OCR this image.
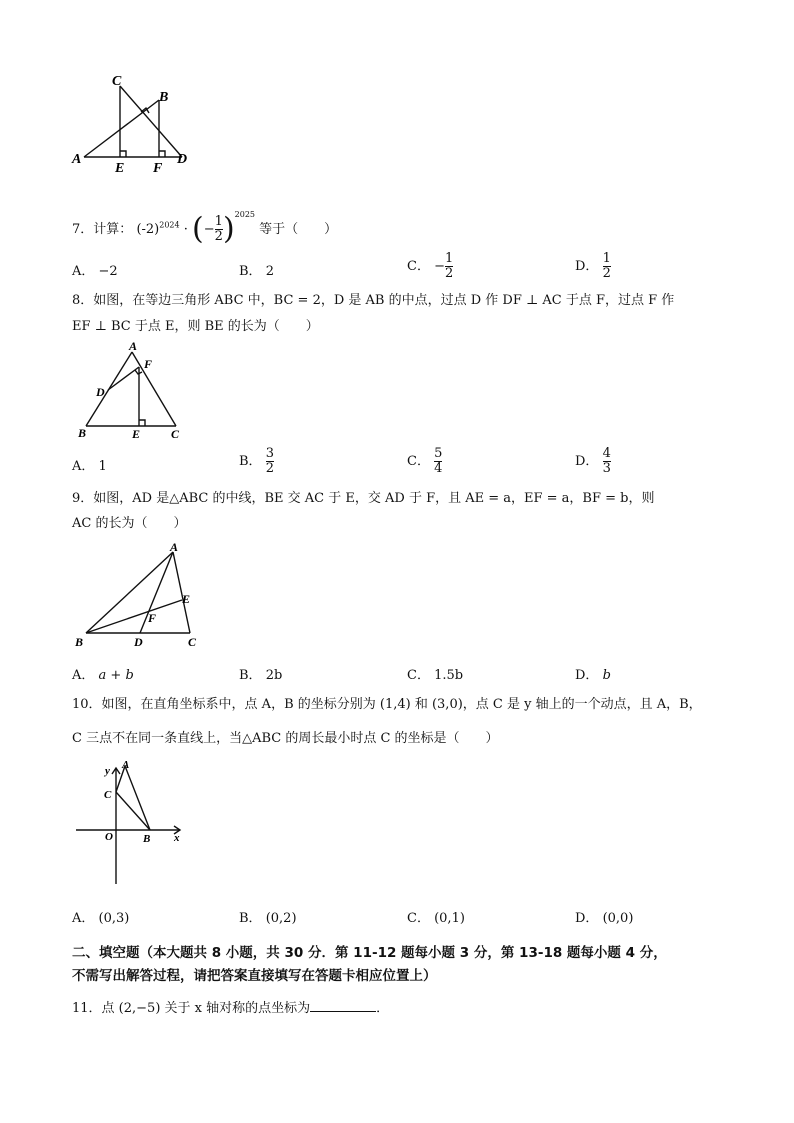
C
B
A
E F
D
7．计算： $(-2)^{2024}$ · (− $\frac{1}{2} )^{2025}$ 等于（　　）
A． −2	B． 2	C． − $\frac{1}{2}$	D． $\frac{1}{2}$
8．如图，在等边三角形 ABC 中，BC = 2，D 是 AB 的中点，过点 D 作 DF ⊥ AC 于点 F，过点 F 作
EF ⊥ BC 于点 E，则 BE 的长为（　　）
A
F
D
B	E	C
A． 1	B． $\frac{3}{2}$	C． $\frac{5}{4}$	D． $\frac{4}{3}$
9．如图，AD 是△ABC 的中线，BE 交 AC 于 E，交 AD 于 F，且 AE = a，EF = a，BF = b，则
AC 的长为（　　）
A
E
F
B	D	C
A． a + b	B． 2b	C． 1.5b	D． b
10．如图，在直角坐标系中，点 A，B 的坐标分别为 (1,4) 和 (3,0)，点 C 是 y 轴上的一个动点，且 A，B，
C 三点不在同一条直线上，当△ABC 的周长最小时点 C 的坐标是（　　）
y A
C
O	B x
A． (0,3)	B． (0,2)	C． (0,1)	D． (0,0)
二、填空题（本大题共 8 小题，共 30 分．第 11-12 题每小题 3 分，第 13-18 题每小题 4 分，
不需写出解答过程，请把答案直接填写在答题卡相应位置上）
11．点 (2,−5) 关于 x 轴对称的点坐标为	．
